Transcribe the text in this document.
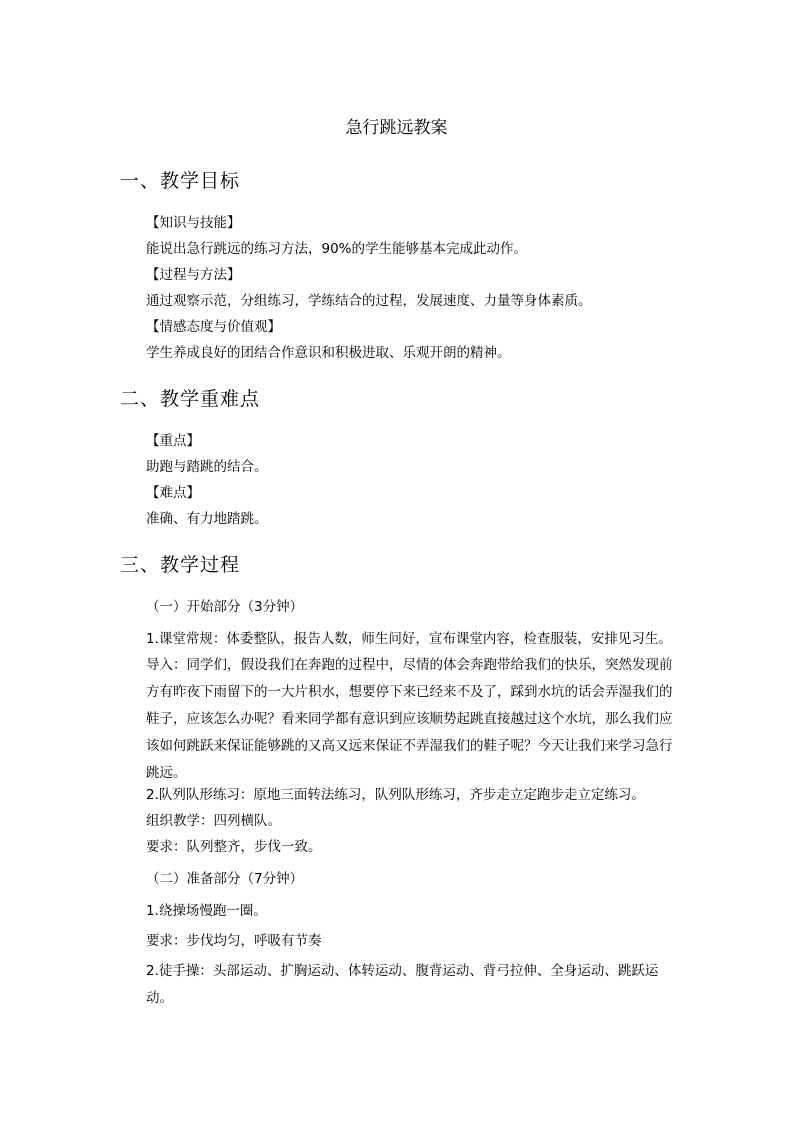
急行跳远教案
一、教学目标
【知识与技能】
能说出急行跳远的练习方法，90%的学生能够基本完成此动作。
【过程与方法】
通过观察示范，分组练习，学练结合的过程，发展速度、力量等身体素质。
【情感态度与价值观】
学生养成良好的团结合作意识和积极进取、乐观开朗的精神。
二、教学重难点
【重点】
助跑与踏跳的结合。
【难点】
准确、有力地踏跳。
三、教学过程
（一）开始部分（3分钟）
1.课堂常规：体委整队，报告人数，师生问好，宣布课堂内容，检查服装，安排见习生。
导入：同学们，假设我们在奔跑的过程中，尽情的体会奔跑带给我们的快乐，突然发现前方有昨夜下雨留下的一大片积水，想要停下来已经来不及了，踩到水坑的话会弄湿我们的鞋子，应该怎么办呢？看来同学都有意识到应该顺势起跳直接越过这个水坑，那么我们应该如何跳跃来保证能够跳的又高又远来保证不弄湿我们的鞋子呢？今天让我们来学习急行跳远。
2.队列队形练习：原地三面转法练习，队列队形练习，齐步走立定跑步走立定练习。
组织教学：四列横队。
要求：队列整齐，步伐一致。
（二）准备部分（7分钟）
1.绕操场慢跑一圈。
要求：步伐均匀，呼吸有节奏
2.徒手操：头部运动、扩胸运动、体转运动、腹背运动、背弓拉伸、全身运动、跳跃运动。
